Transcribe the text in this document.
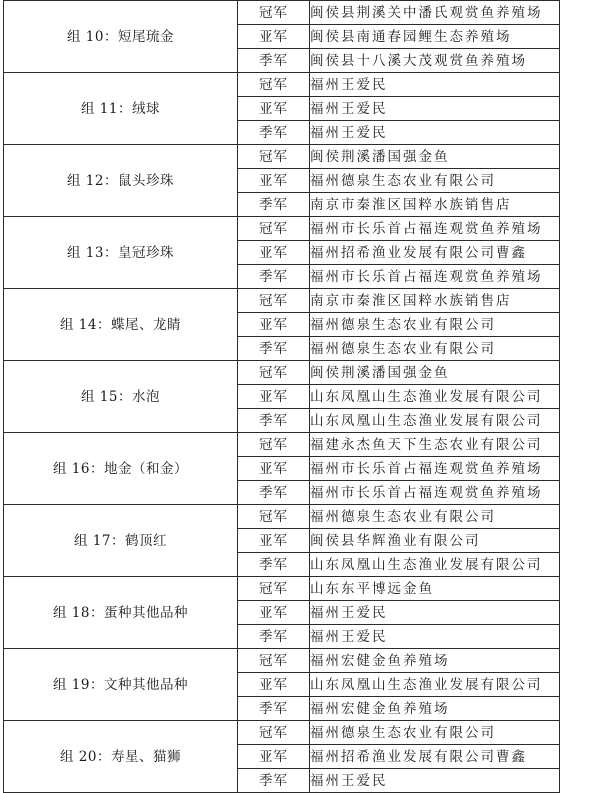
组 10：短尾琉金	冠军	闽侯县荆溪关中潘氏观赏鱼养殖场
	亚军	闽侯县南通春园鲤生态养殖场
	季军	闽侯县十八溪大茂观赏鱼养殖场
组 11：绒球	冠军	福州王爱民
	亚军	福州王爱民
	季军	福州王爱民
组 12：鼠头珍珠	冠军	闽侯荆溪潘国强金鱼
	亚军	福州德泉生态农业有限公司
	季军	南京市秦淮区国粹水族销售店
组 13：皇冠珍珠	冠军	福州市长乐首占福连观赏鱼养殖场
	亚军	福州招希渔业发展有限公司曹鑫
	季军	福州市长乐首占福连观赏鱼养殖场
组 14：蝶尾、龙睛	冠军	南京市秦淮区国粹水族销售店
	亚军	福州德泉生态农业有限公司
	季军	福州德泉生态农业有限公司
组 15：水泡	冠军	闽侯荆溪潘国强金鱼
	亚军	山东凤凰山生态渔业发展有限公司
	季军	山东凤凰山生态渔业发展有限公司
组 16：地金（和金）	冠军	福建永杰鱼天下生态农业有限公司
	亚军	福州市长乐首占福连观赏鱼养殖场
	季军	福州市长乐首占福连观赏鱼养殖场
组 17：鹤顶红	冠军	福州德泉生态农业有限公司
	亚军	闽侯县华辉渔业有限公司
	季军	山东凤凰山生态渔业发展有限公司
组 18：蛋种其他品种	冠军	山东东平博远金鱼
	亚军	福州王爱民
	季军	福州王爱民
组 19：文种其他品种	冠军	福州宏健金鱼养殖场
	亚军	山东凤凰山生态渔业发展有限公司
	季军	福州宏健金鱼养殖场
组 20：寿星、猫狮	冠军	福州德泉生态农业有限公司
	亚军	福州招希渔业发展有限公司曹鑫
	季军	福州王爱民
